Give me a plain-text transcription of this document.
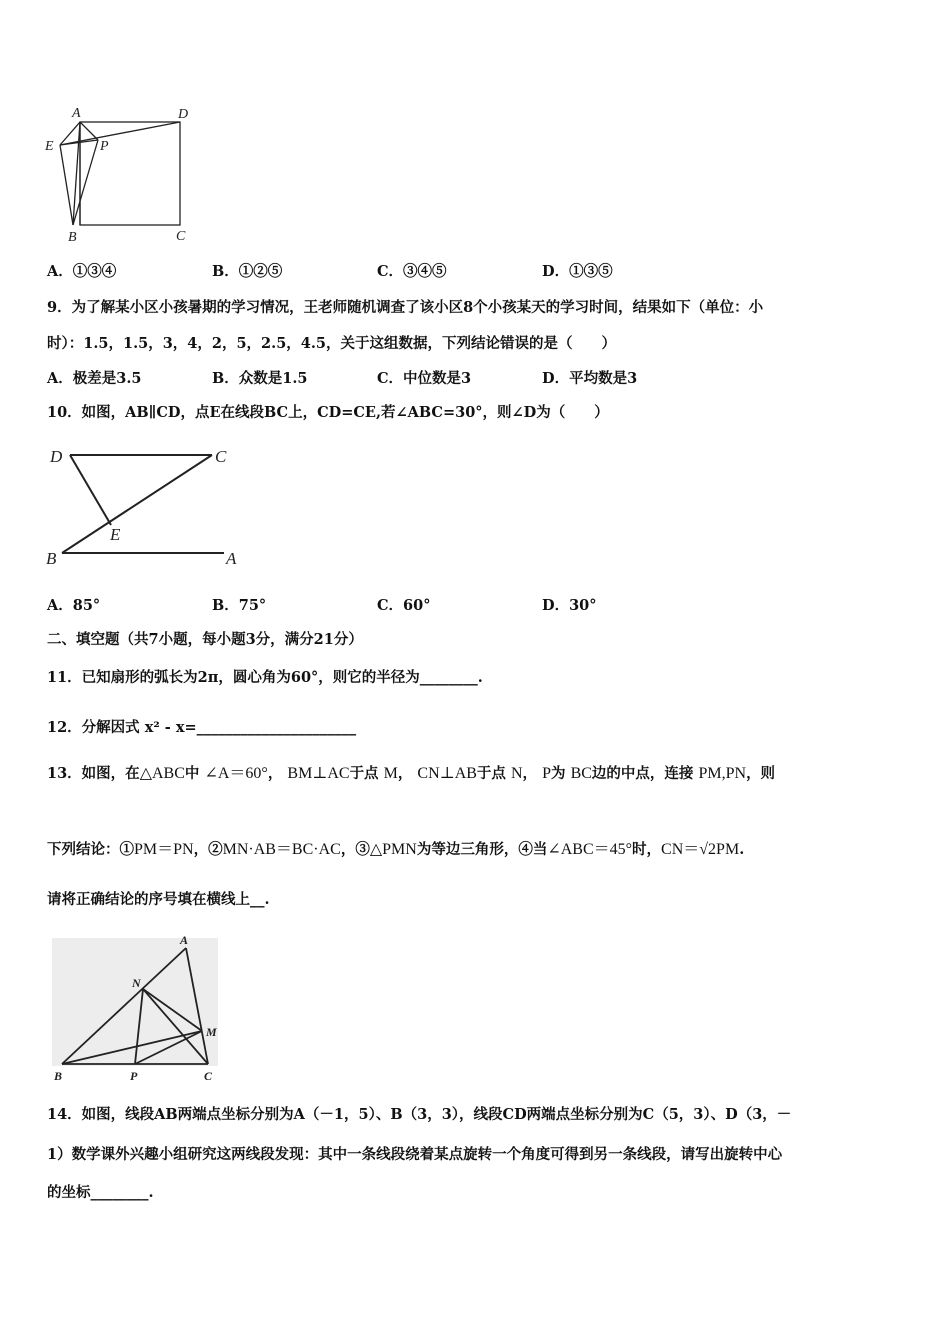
A	D
E	P
B	C
A．①③④	B．①②⑤	C．③④⑤	D．①③⑤
9．为了解某小区小孩暑期的学习情况，王老师随机调查了该小区8个小孩某天的学习时间，结果如下（单位：小
时）：1.5，1.5，3，4，2，5，2.5，4.5，关于这组数据，下列结论错误的是（　　）
A．极差是3.5	B．众数是1.5	C．中位数是3	D．平均数是3
10．如图，AB∥CD，点E在线段BC上，CD=CE,若∠ABC=30°，则∠D为（　　）
D	C
E
B	A
A．85°	B．75°	C．60°	D．30°
二、填空题（共7小题，每小题3分，满分21分）
11．已知扇形的弧长为2π，圆心角为60°，则它的半径为________.
12．分解因式 x² - x=______________________
13．如图，在△ABC中 ∠A＝60°， BM⊥AC于点 M， CN⊥AB于点 N， P为 BC边的中点，连接 PM,PN，则
下列结论：①PM＝PN，②MN·AB＝BC·AC，③△PMN为等边三角形，④当∠ABC＝45°时，CN＝√2PM.
请将正确结论的序号填在横线上__.
A
N
M
B	P	C
14．如图，线段AB两端点坐标分别为A（－1，5）、B（3，3），线段CD两端点坐标分别为C（5，3）、D（3，－
1）数学课外兴趣小组研究这两线段发现：其中一条线段绕着某点旋转一个角度可得到另一条线段，请写出旋转中心
的坐标________.
